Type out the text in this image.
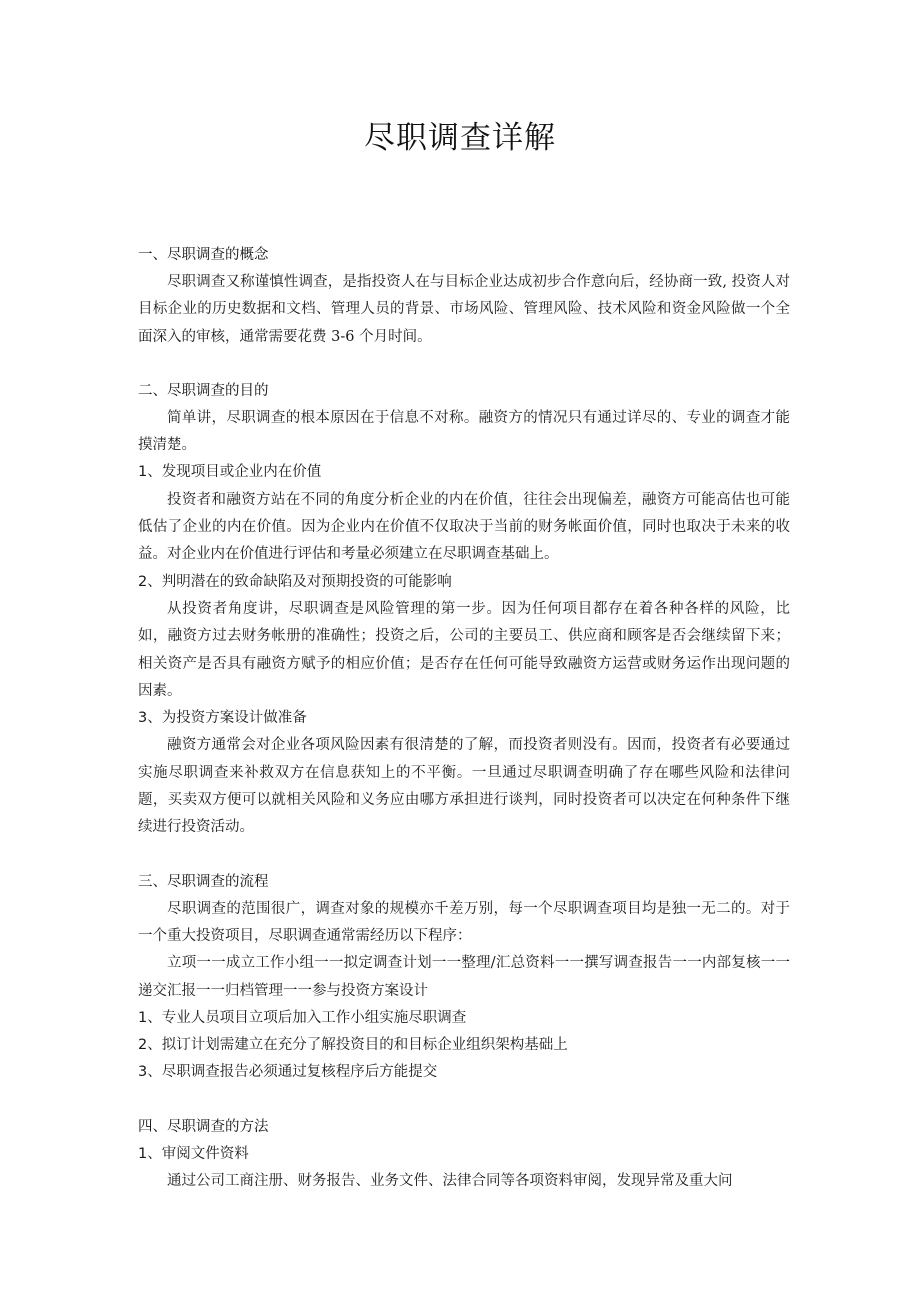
尽职调查详解

一、尽职调查的概念

尽职调查又称谨慎性调查，是指投资人在与目标企业达成初步合作意向后，经协商一致, 投资人对目标企业的历史数据和文档、管理人员的背景、市场风险、管理风险、技术风险和资金风险做一个全面深入的审核，通常需要花费 3-6 个月时间。

二、尽职调查的目的

简单讲，尽职调查的根本原因在于信息不对称。融资方的情况只有通过详尽的、专业的调查才能摸清楚。

1、发现项目或企业内在价值

投资者和融资方站在不同的角度分析企业的内在价值，往往会出现偏差，融资方可能高估也可能低估了企业的内在价值。因为企业内在价值不仅取决于当前的财务帐面价值，同时也取决于未来的收益。对企业内在价值进行评估和考量必须建立在尽职调查基础上。

2、判明潜在的致命缺陷及对预期投资的可能影响

从投资者角度讲，尽职调查是风险管理的第一步。因为任何项目都存在着各种各样的风险，比如，融资方过去财务帐册的准确性；投资之后，公司的主要员工、供应商和顾客是否会继续留下来；相关资产是否具有融资方赋予的相应价值；是否存在任何可能导致融资方运营或财务运作出现问题的因素。

3、为投资方案设计做准备

融资方通常会对企业各项风险因素有很清楚的了解，而投资者则没有。因而，投资者有必要通过实施尽职调查来补救双方在信息获知上的不平衡。一旦通过尽职调查明确了存在哪些风险和法律问题，买卖双方便可以就相关风险和义务应由哪方承担进行谈判，同时投资者可以决定在何种条件下继续进行投资活动。

三、尽职调查的流程

尽职调查的范围很广，调查对象的规模亦千差万别，每一个尽职调查项目均是独一无二的。对于一个重大投资项目，尽职调查通常需经历以下程序：

立项一一成立工作小组一一拟定调查计划一一整理/汇总资料一一撰写调查报告一一内部复核一一递交汇报一一归档管理一一参与投资方案设计

1、专业人员项目立项后加入工作小组实施尽职调查

2、拟订计划需建立在充分了解投资目的和目标企业组织架构基础上

3、尽职调查报告必须通过复核程序后方能提交

四、尽职调查的方法

1、审阅文件资料

通过公司工商注册、财务报告、业务文件、法律合同等各项资料审阅，发现异常及重大问
